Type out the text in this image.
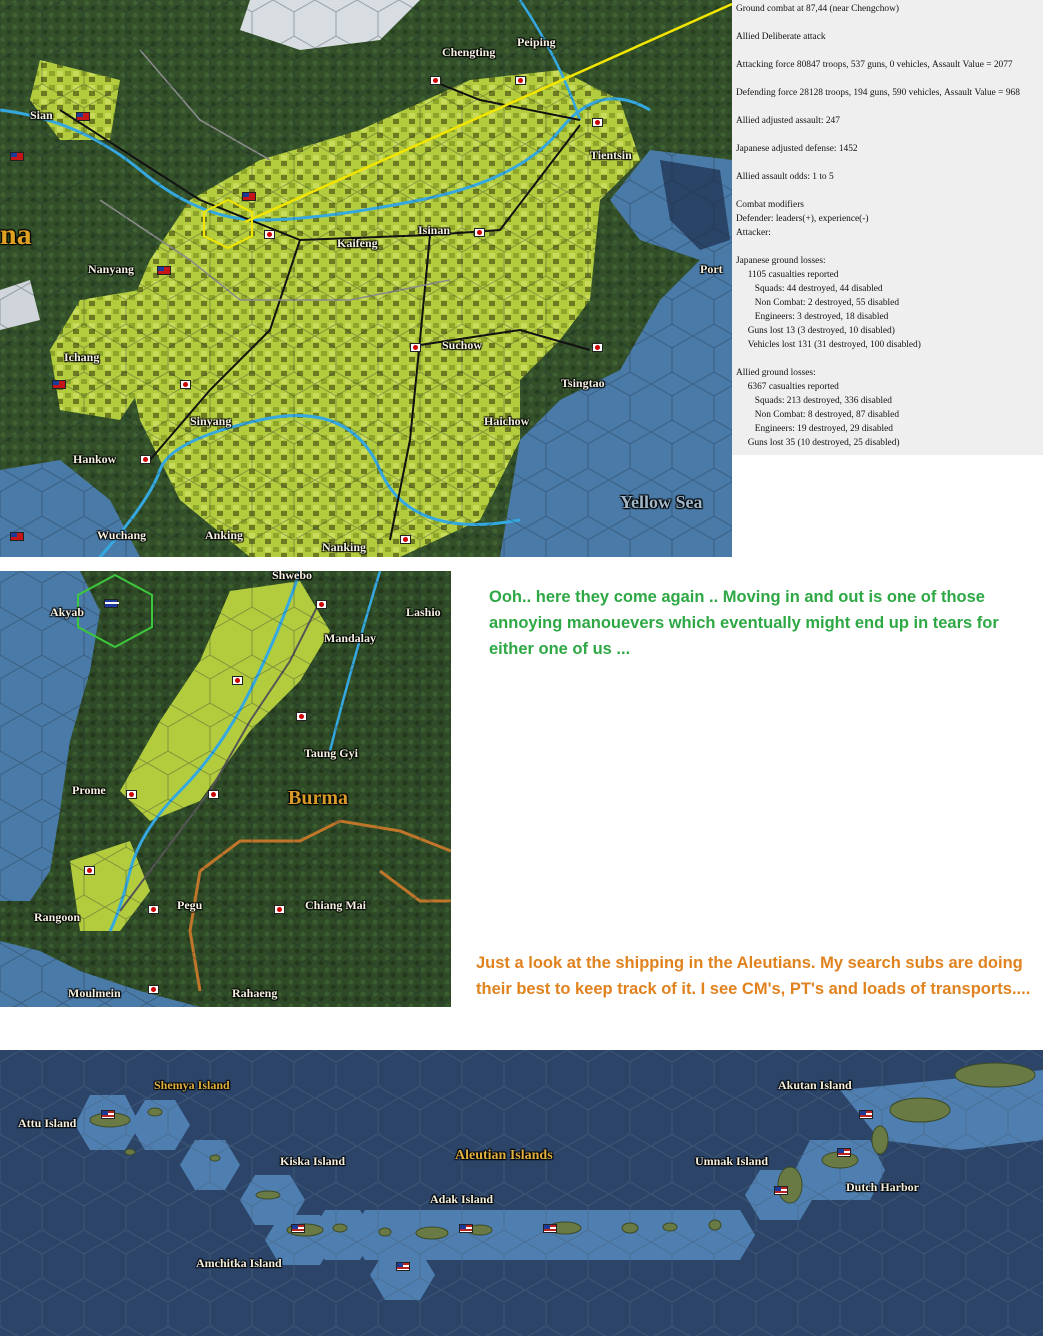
Sian
Chengting
Peiping
Tientsin
Kaifeng
Isinan
Nanyang	Port
Ichang
Suchow
Tsingtao
Sinyang	Haichow
Hankow
Wuchang	Anking
Nanking
na
Yellow Sea
Ground combat at 87,44 (near Chengchow)
Allied Deliberate attack
Attacking force 80847 troops, 537 guns, 0 vehicles, Assault Value = 2077
Defending force 28128 troops, 194 guns, 590 vehicles, Assault Value = 968
Allied adjusted assault: 247
Japanese adjusted defense: 1452
Allied assault odds: 1 to 5
Combat modifiers
Defender: leaders(+), experience(-)
Attacker:
Japanese ground losses:
1105 casualties reported
Squads: 44 destroyed, 44 disabled
Non Combat: 2 destroyed, 55 disabled
Engineers: 3 destroyed, 18 disabled
Guns lost 13 (3 destroyed, 10 disabled)
Vehicles lost 131 (31 destroyed, 100 disabled)
Allied ground losses:
6367 casualties reported
Squads: 213 destroyed, 336 disabled
Non Combat: 8 destroyed, 87 disabled
Engineers: 19 destroyed, 29 disabled
Guns lost 35 (10 destroyed, 25 disabled)
Shwebo
Akyab	Lashio
Mandalay
Taung Gyi
Prome	Burma
Rangoon
Pegu	Chiang Mai
Moulmein	Rahaeng
Ooh.. here they come again .. Moving in and out is one of those annoying manouevers which eventually might end up in tears for either one of us ...
Just a look at the shipping in the Aleutians. My search subs are doing their best to keep track of it. I see CM's, PT's and loads of transports....
Shemya Island
Attu Island
Kiska Island	Aleutian Islands
Adak Island
Amchitka Island
Akutan Island
Umnak Island
Dutch Harbor
